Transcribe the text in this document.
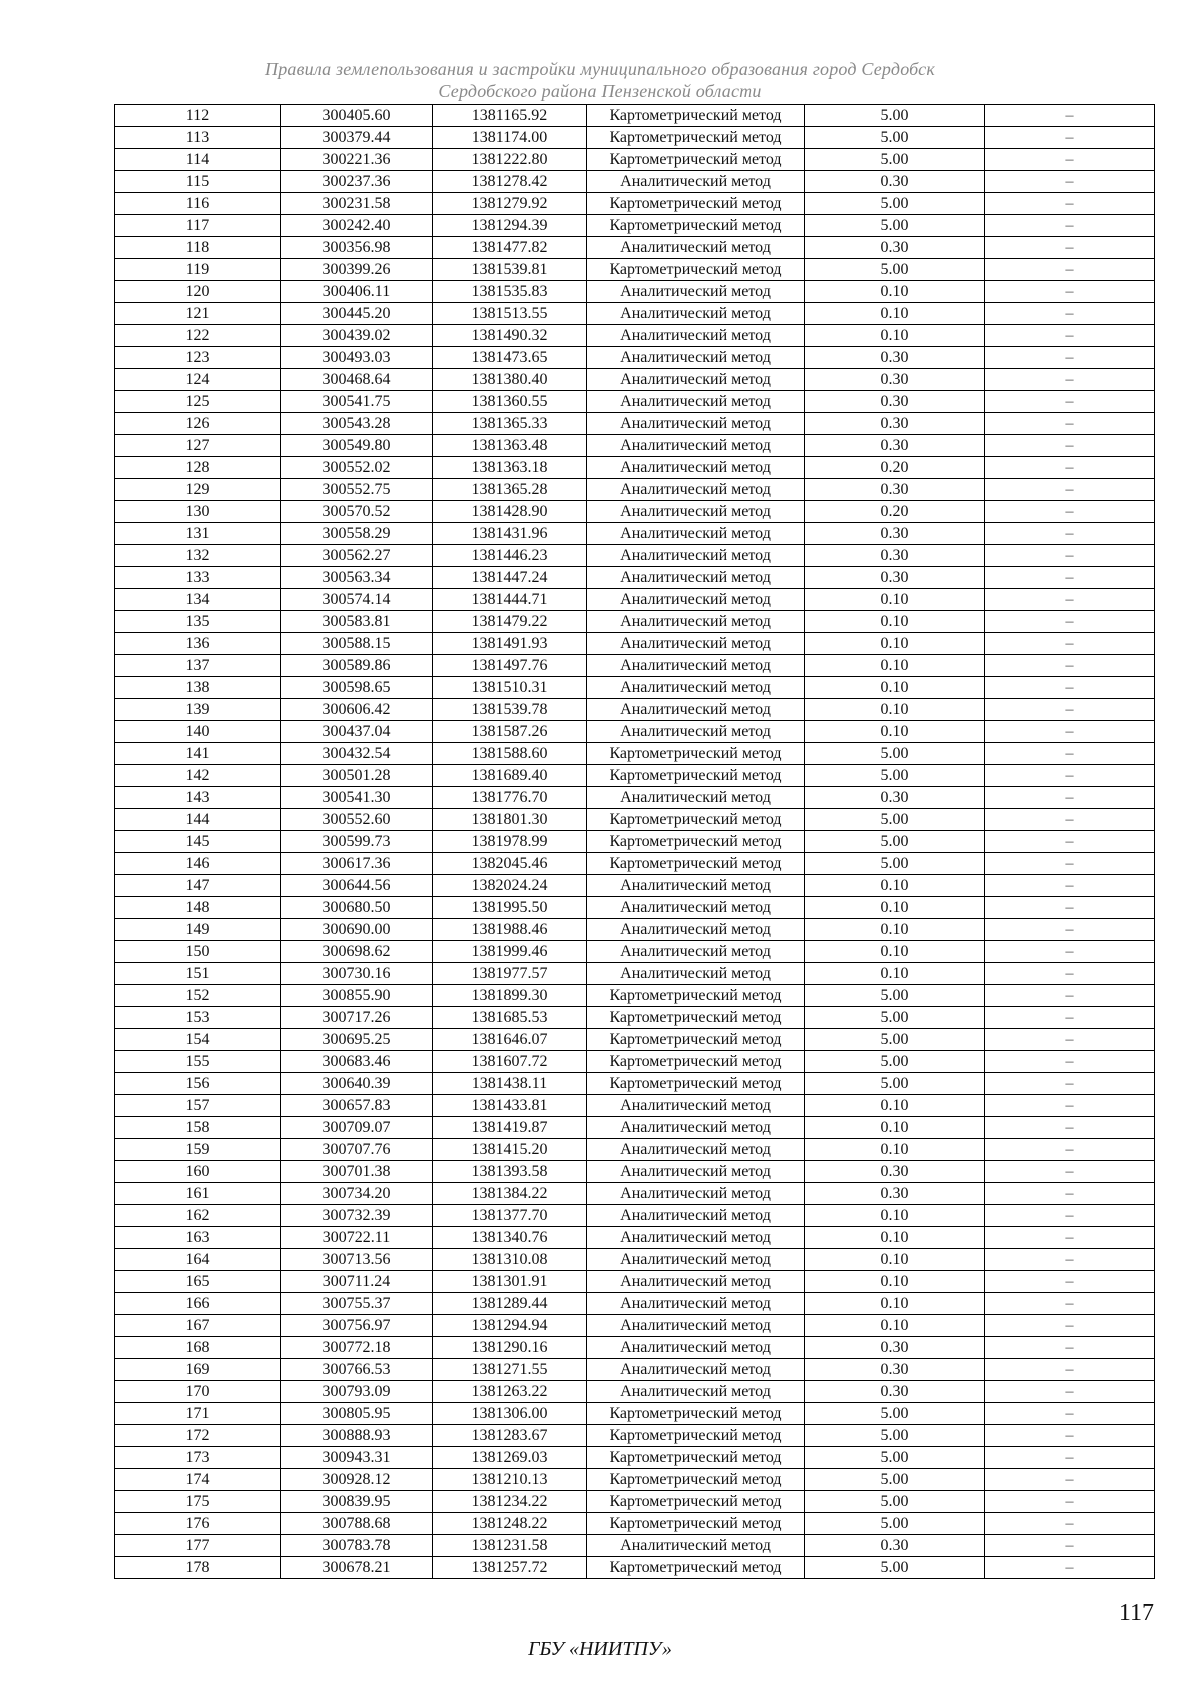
Правила землепользования и застройки муниципального образования город Сердобск
Сердобского района Пензенской области
112	300405.60	1381165.92	Картометрический метод	5.00	–
113	300379.44	1381174.00	Картометрический метод	5.00	–
114	300221.36	1381222.80	Картометрический метод	5.00	–
115	300237.36	1381278.42	Аналитический метод	0.30	–
116	300231.58	1381279.92	Картометрический метод	5.00	–
117	300242.40	1381294.39	Картометрический метод	5.00	–
118	300356.98	1381477.82	Аналитический метод	0.30	–
119	300399.26	1381539.81	Картометрический метод	5.00	–
120	300406.11	1381535.83	Аналитический метод	0.10	–
121	300445.20	1381513.55	Аналитический метод	0.10	–
122	300439.02	1381490.32	Аналитический метод	0.10	–
123	300493.03	1381473.65	Аналитический метод	0.30	–
124	300468.64	1381380.40	Аналитический метод	0.30	–
125	300541.75	1381360.55	Аналитический метод	0.30	–
126	300543.28	1381365.33	Аналитический метод	0.30	–
127	300549.80	1381363.48	Аналитический метод	0.30	–
128	300552.02	1381363.18	Аналитический метод	0.20	–
129	300552.75	1381365.28	Аналитический метод	0.30	–
130	300570.52	1381428.90	Аналитический метод	0.20	–
131	300558.29	1381431.96	Аналитический метод	0.30	–
132	300562.27	1381446.23	Аналитический метод	0.30	–
133	300563.34	1381447.24	Аналитический метод	0.30	–
134	300574.14	1381444.71	Аналитический метод	0.10	–
135	300583.81	1381479.22	Аналитический метод	0.10	–
136	300588.15	1381491.93	Аналитический метод	0.10	–
137	300589.86	1381497.76	Аналитический метод	0.10	–
138	300598.65	1381510.31	Аналитический метод	0.10	–
139	300606.42	1381539.78	Аналитический метод	0.10	–
140	300437.04	1381587.26	Аналитический метод	0.10	–
141	300432.54	1381588.60	Картометрический метод	5.00	–
142	300501.28	1381689.40	Картометрический метод	5.00	–
143	300541.30	1381776.70	Аналитический метод	0.30	–
144	300552.60	1381801.30	Картометрический метод	5.00	–
145	300599.73	1381978.99	Картометрический метод	5.00	–
146	300617.36	1382045.46	Картометрический метод	5.00	–
147	300644.56	1382024.24	Аналитический метод	0.10	–
148	300680.50	1381995.50	Аналитический метод	0.10	–
149	300690.00	1381988.46	Аналитический метод	0.10	–
150	300698.62	1381999.46	Аналитический метод	0.10	–
151	300730.16	1381977.57	Аналитический метод	0.10	–
152	300855.90	1381899.30	Картометрический метод	5.00	–
153	300717.26	1381685.53	Картометрический метод	5.00	–
154	300695.25	1381646.07	Картометрический метод	5.00	–
155	300683.46	1381607.72	Картометрический метод	5.00	–
156	300640.39	1381438.11	Картометрический метод	5.00	–
157	300657.83	1381433.81	Аналитический метод	0.10	–
158	300709.07	1381419.87	Аналитический метод	0.10	–
159	300707.76	1381415.20	Аналитический метод	0.10	–
160	300701.38	1381393.58	Аналитический метод	0.30	–
161	300734.20	1381384.22	Аналитический метод	0.30	–
162	300732.39	1381377.70	Аналитический метод	0.10	–
163	300722.11	1381340.76	Аналитический метод	0.10	–
164	300713.56	1381310.08	Аналитический метод	0.10	–
165	300711.24	1381301.91	Аналитический метод	0.10	–
166	300755.37	1381289.44	Аналитический метод	0.10	–
167	300756.97	1381294.94	Аналитический метод	0.10	–
168	300772.18	1381290.16	Аналитический метод	0.30	–
169	300766.53	1381271.55	Аналитический метод	0.30	–
170	300793.09	1381263.22	Аналитический метод	0.30	–
171	300805.95	1381306.00	Картометрический метод	5.00	–
172	300888.93	1381283.67	Картометрический метод	5.00	–
173	300943.31	1381269.03	Картометрический метод	5.00	–
174	300928.12	1381210.13	Картометрический метод	5.00	–
175	300839.95	1381234.22	Картометрический метод	5.00	–
176	300788.68	1381248.22	Картометрический метод	5.00	–
177	300783.78	1381231.58	Аналитический метод	0.30	–
178	300678.21	1381257.72	Картометрический метод	5.00	–
117
ГБУ «НИИТПУ»
